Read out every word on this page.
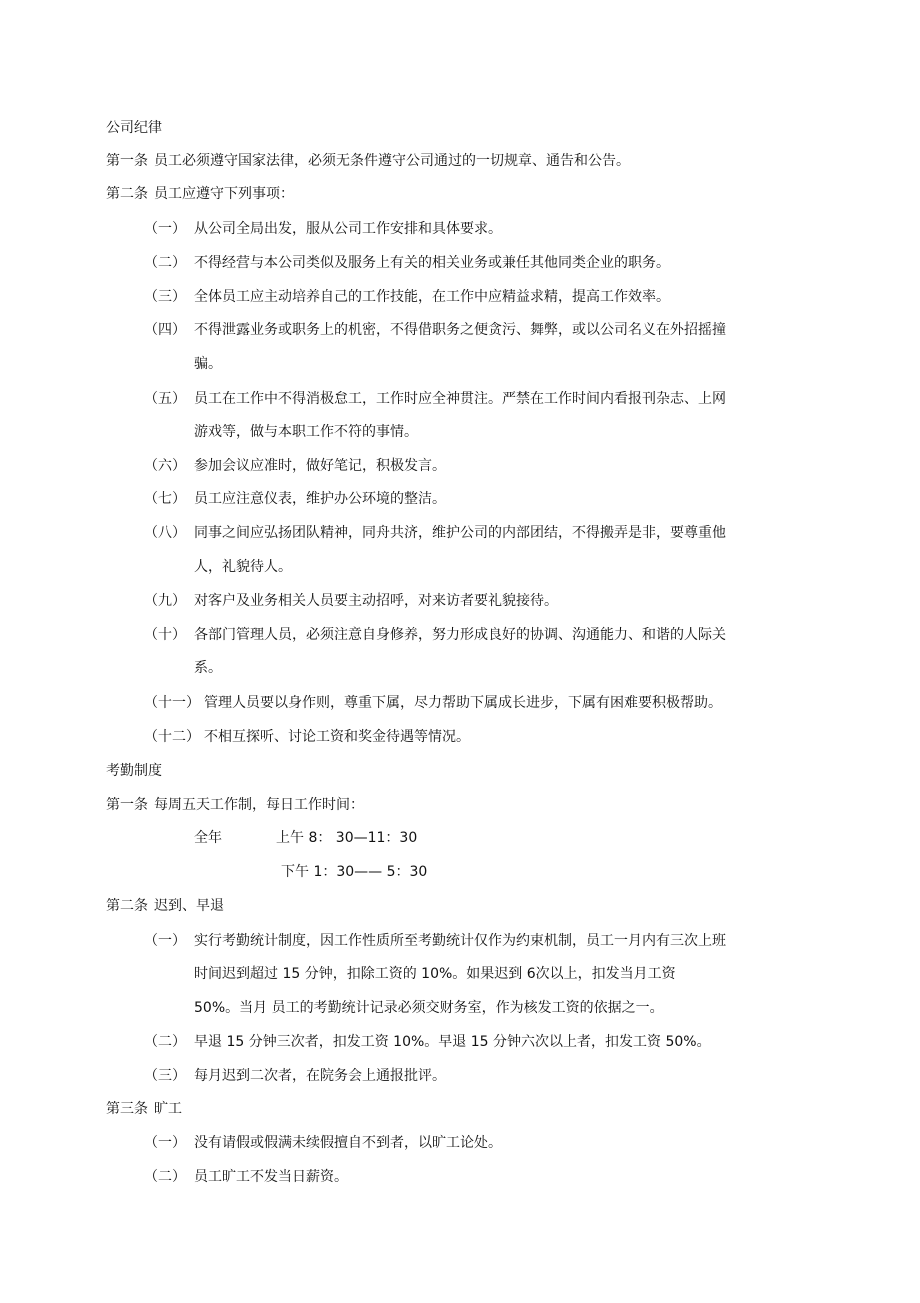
公司纪律
第一条 员工必须遵守国家法律，必须无条件遵守公司通过的一切规章、通告和公告。
第二条 员工应遵守下列事项：
（一） 从公司全局出发，服从公司工作安排和具体要求。
（二） 不得经营与本公司类似及服务上有关的相关业务或兼任其他同类企业的职务。
（三） 全体员工应主动培养自己的工作技能，在工作中应精益求精，提高工作效率。
（四） 不得泄露业务或职务上的机密，不得借职务之便贪污、舞弊，或以公司名义在外招摇撞
骗。
（五） 员工在工作中不得消极怠工，工作时应全神贯注。严禁在工作时间内看报刊杂志、上网
游戏等，做与本职工作不符的事情。
（六） 参加会议应准时，做好笔记，积极发言。
（七） 员工应注意仪表，维护办公环境的整洁。
（八） 同事之间应弘扬团队精神，同舟共济，维护公司的内部团结，不得搬弄是非，要尊重他
人，礼貌待人。
（九） 对客户及业务相关人员要主动招呼，对来访者要礼貌接待。
（十） 各部门管理人员，必须注意自身修养，努力形成良好的协调、沟通能力、和谐的人际关
系。
（十一） 管理人员要以身作则，尊重下属，尽力帮助下属成长进步，下属有困难要积极帮助。
（十二） 不相互探听、讨论工资和奖金待遇等情况。
考勤制度
第一条 每周五天工作制，每日工作时间：
全年	上午 8： 30—11：30
下午 1：30—— 5：30
第二条 迟到、早退
（一） 实行考勤统计制度，因工作性质所至考勤统计仅作为约束机制，员工一月内有三次上班
时间迟到超过 15 分钟，扣除工资的 10%。如果迟到 6次以上，扣发当月工资
50%。当月 员工的考勤统计记录必须交财务室，作为核发工资的依据之一。
（二） 早退 15 分钟三次者，扣发工资 10%。早退 15 分钟六次以上者，扣发工资 50%。
（三） 每月迟到二次者，在院务会上通报批评。
第三条 旷工
（一） 没有请假或假满未续假擅自不到者，以旷工论处。
（二） 员工旷工不发当日薪资。
